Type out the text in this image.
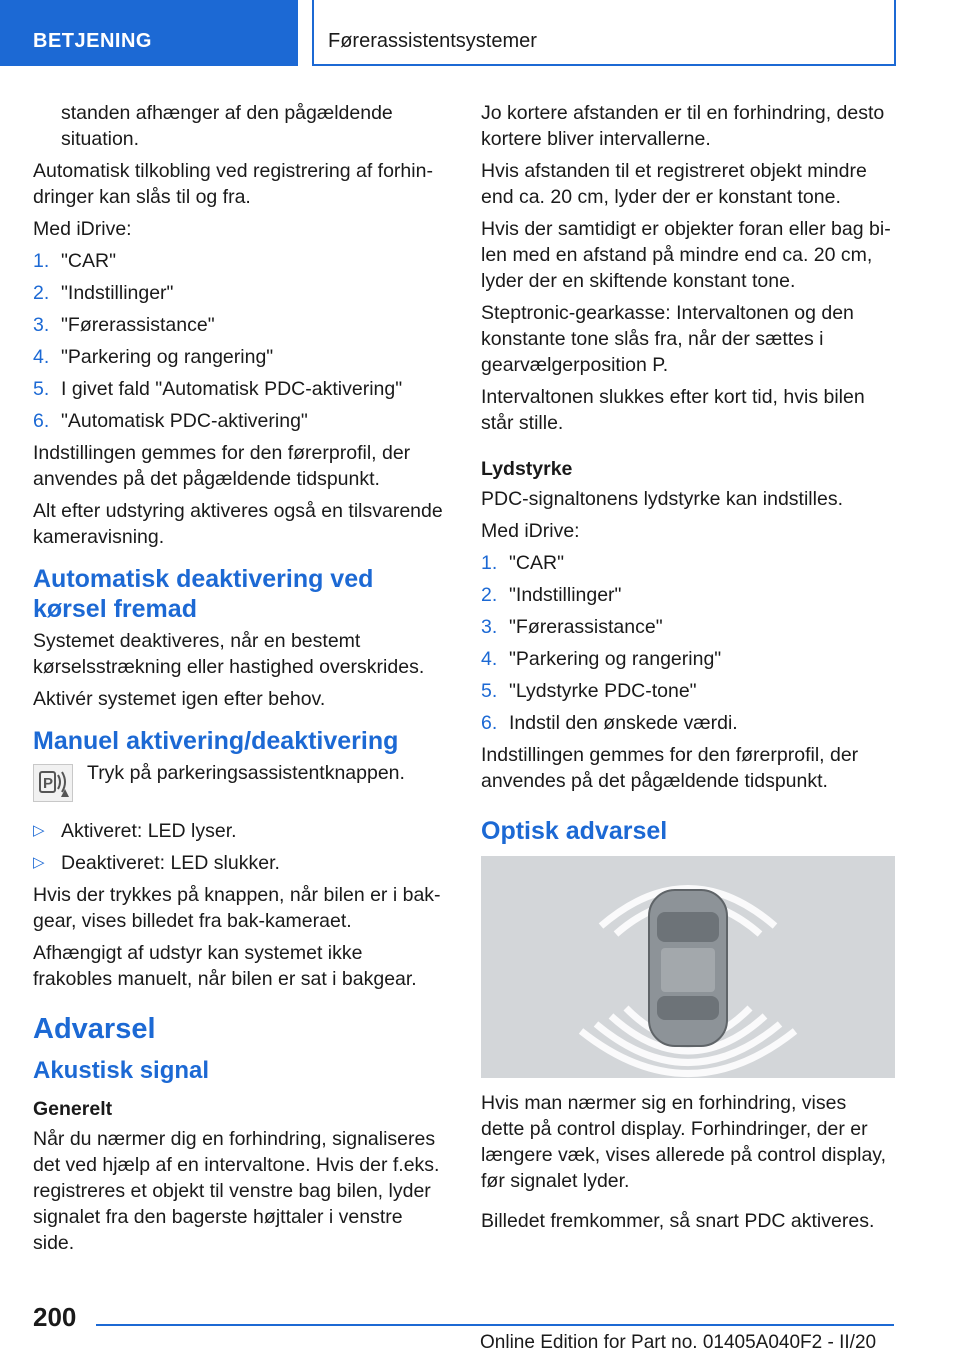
BETJENING	Førerassistentsystemer

standen afhænger af den pågældende situation.

Automatisk tilkobling ved registrering af forhindringer kan slås til og fra.

Med iDrive:

1. "CAR"
2. "Indstillinger"
3. "Førerassistance"
4. "Parkering og rangering"
5. I givet fald "Automatisk PDC-aktivering"
6. "Automatisk PDC-aktivering"

Indstillingen gemmes for den førerprofil, der anvendes på det pågældende tidspunkt.

Alt efter udstyring aktiveres også en tilsvarende kameravisning.

Automatisk deaktivering ved kørsel fremad

Systemet deaktiveres, når en bestemt kørselsstrækning eller hastighed overskrides.

Aktivér systemet igen efter behov.

Manuel aktivering/deaktivering
P Tryk på parkeringsassistentknappen.
▷ Aktiveret: LED lyser.
▷ Deaktiveret: LED slukker.

Hvis der trykkes på knappen, når bilen er i bakgear, vises billedet fra bak-kameraet.

Afhængigt af udstyr kan systemet ikke frakobles manuelt, når bilen er sat i bakgear.

Advarsel
Akustisk signal
Generelt

Når du nærmer dig en forhindring, signaliseres det ved hjælp af en intervaltone. Hvis der f.eks. registreres et objekt til venstre bag bilen, lyder signalet fra den bagerste højttaler i venstre side.

Jo kortere afstanden er til en forhindring, desto kortere bliver intervallerne.

Hvis afstanden til et registreret objekt mindre end ca. 20 cm, lyder der er konstant tone.

Hvis der samtidigt er objekter foran eller bag bilen med en afstand på mindre end ca. 20 cm, lyder der en skiftende konstant tone.

Steptronic-gearkasse: Intervaltonen og den konstante tone slås fra, når der sættes i gearvælgerposition P.

Intervaltonen slukkes efter kort tid, hvis bilen står stille.

Lydstyrke

PDC-signaltonens lydstyrke kan indstilles.

Med iDrive:

1. "CAR"
2. "Indstillinger"
3. "Førerassistance"
4. "Parkering og rangering"
5. "Lydstyrke PDC-tone"
6. Indstil den ønskede værdi.

Indstillingen gemmes for den førerprofil, der anvendes på det pågældende tidspunkt.

Optisk advarsel

Hvis man nærmer sig en forhindring, vises dette på control display. Forhindringer, der er længere væk, vises allerede på control display, før signalet lyder.

Billedet fremkommer, så snart PDC aktiveres.

200
Online Edition for Part no. 01405A040F2 - II/20
